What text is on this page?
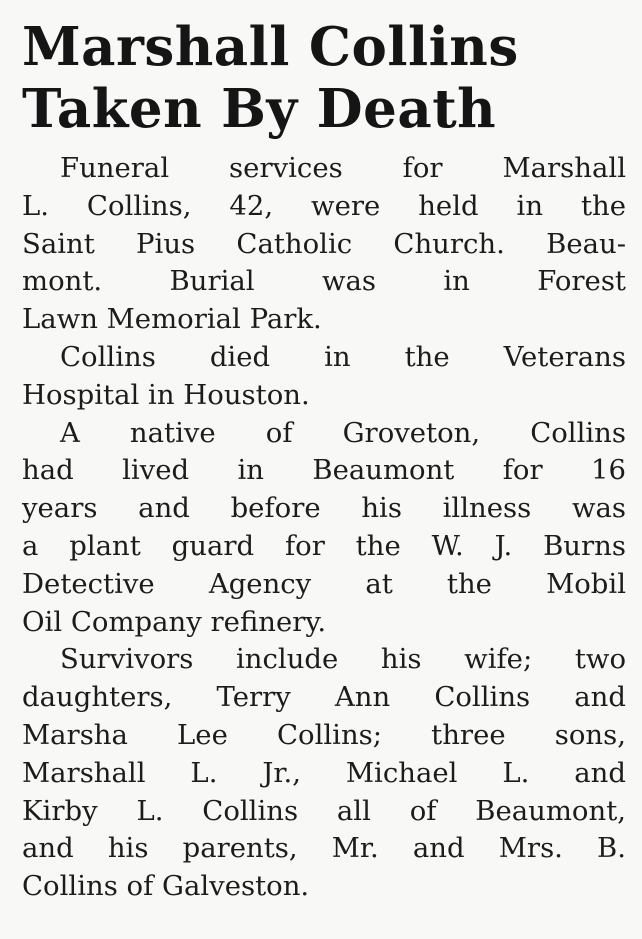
Marshall Collins
Taken By Death
Funeral services for Marshall
L. Collins, 42, were held in the
Saint Pius Catholic Church. Beau-
mont. Burial was in Forest
Lawn Memorial Park.
Collins died in the Veterans
Hospital in Houston.
A native of Groveton, Collins
had lived in Beaumont for 16
years and before his illness was
a plant guard for the W. J. Burns
Detective Agency at the Mobil
Oil Company refinery.
Survivors include his wife; two
daughters, Terry Ann Collins and
Marsha Lee Collins; three sons,
Marshall L. Jr., Michael L. and
Kirby L. Collins all of Beaumont,
and his parents, Mr. and Mrs. B.
Collins of Galveston.
